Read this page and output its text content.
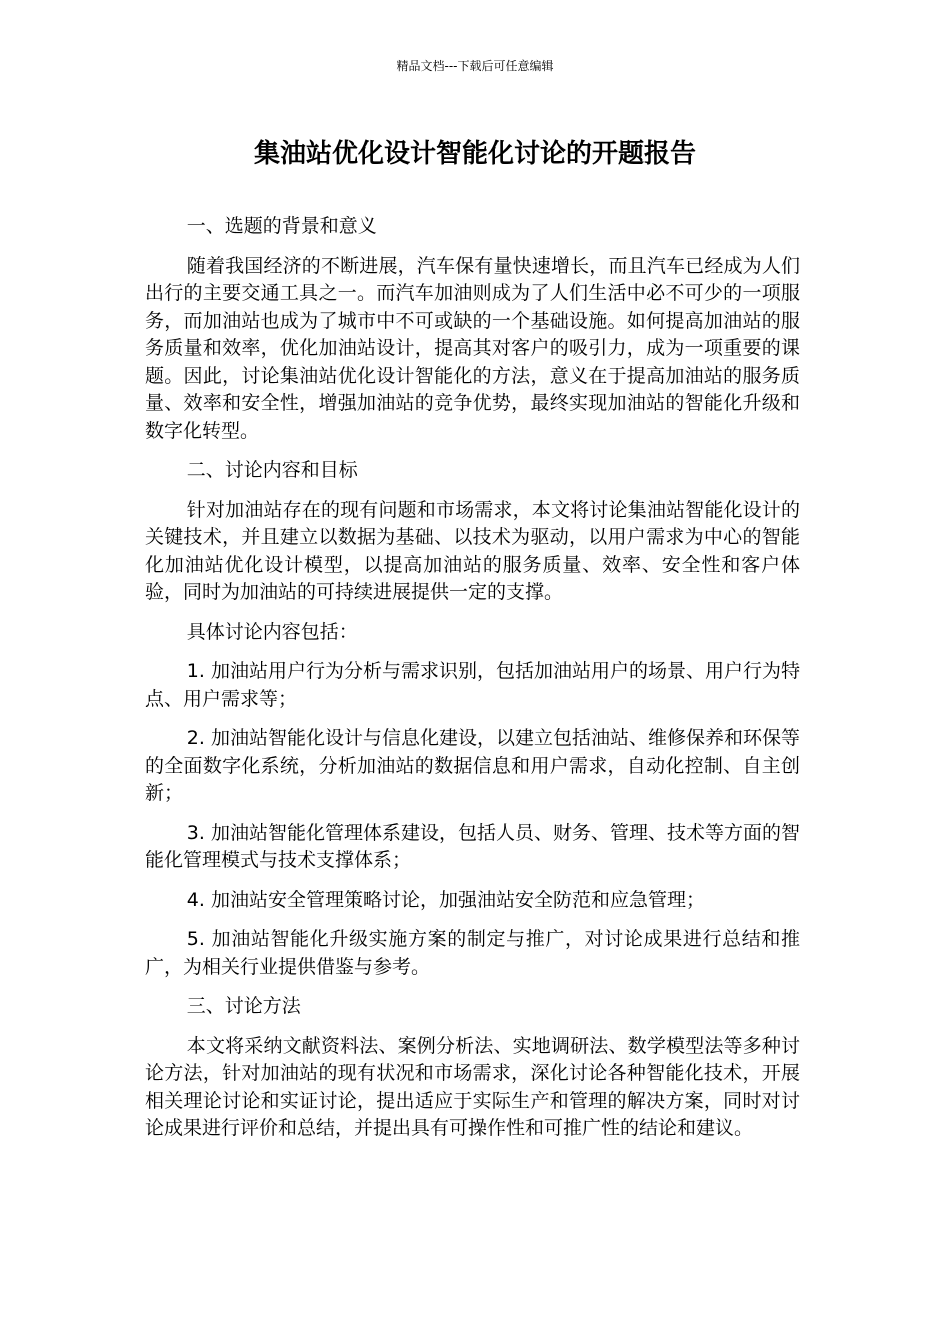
精品文档---下载后可任意编辑
集油站优化设计智能化讨论的开题报告

一、选题的背景和意义

随着我国经济的不断进展，汽车保有量快速增长，而且汽车已经成为人们出行的主要交通工具之一。而汽车加油则成为了人们生活中必不可少的一项服务，而加油站也成为了城市中不可或缺的一个基础设施。如何提高加油站的服务质量和效率，优化加油站设计，提高其对客户的吸引力，成为一项重要的课题。因此，讨论集油站优化设计智能化的方法，意义在于提高加油站的服务质量、效率和安全性，增强加油站的竞争优势，最终实现加油站的智能化升级和数字化转型。

二、讨论内容和目标

针对加油站存在的现有问题和市场需求，本文将讨论集油站智能化设计的关键技术，并且建立以数据为基础、以技术为驱动，以用户需求为中心的智能化加油站优化设计模型，以提高加油站的服务质量、效率、安全性和客户体验，同时为加油站的可持续进展提供一定的支撑。

具体讨论内容包括：

1. 加油站用户行为分析与需求识别，包括加油站用户的场景、用户行为特点、用户需求等；

2. 加油站智能化设计与信息化建设，以建立包括油站、维修保养和环保等的全面数字化系统，分析加油站的数据信息和用户需求，自动化控制、自主创新；

3. 加油站智能化管理体系建设，包括人员、财务、管理、技术等方面的智能化管理模式与技术支撑体系；

4. 加油站安全管理策略讨论，加强油站安全防范和应急管理；

5. 加油站智能化升级实施方案的制定与推广，对讨论成果进行总结和推广，为相关行业提供借鉴与参考。

三、讨论方法

本文将采纳文献资料法、案例分析法、实地调研法、数学模型法等多种讨论方法，针对加油站的现有状况和市场需求，深化讨论各种智能化技术，开展相关理论讨论和实证讨论，提出适应于实际生产和管理的解决方案，同时对讨论成果进行评价和总结，并提出具有可操作性和可推广性的结论和建议。
